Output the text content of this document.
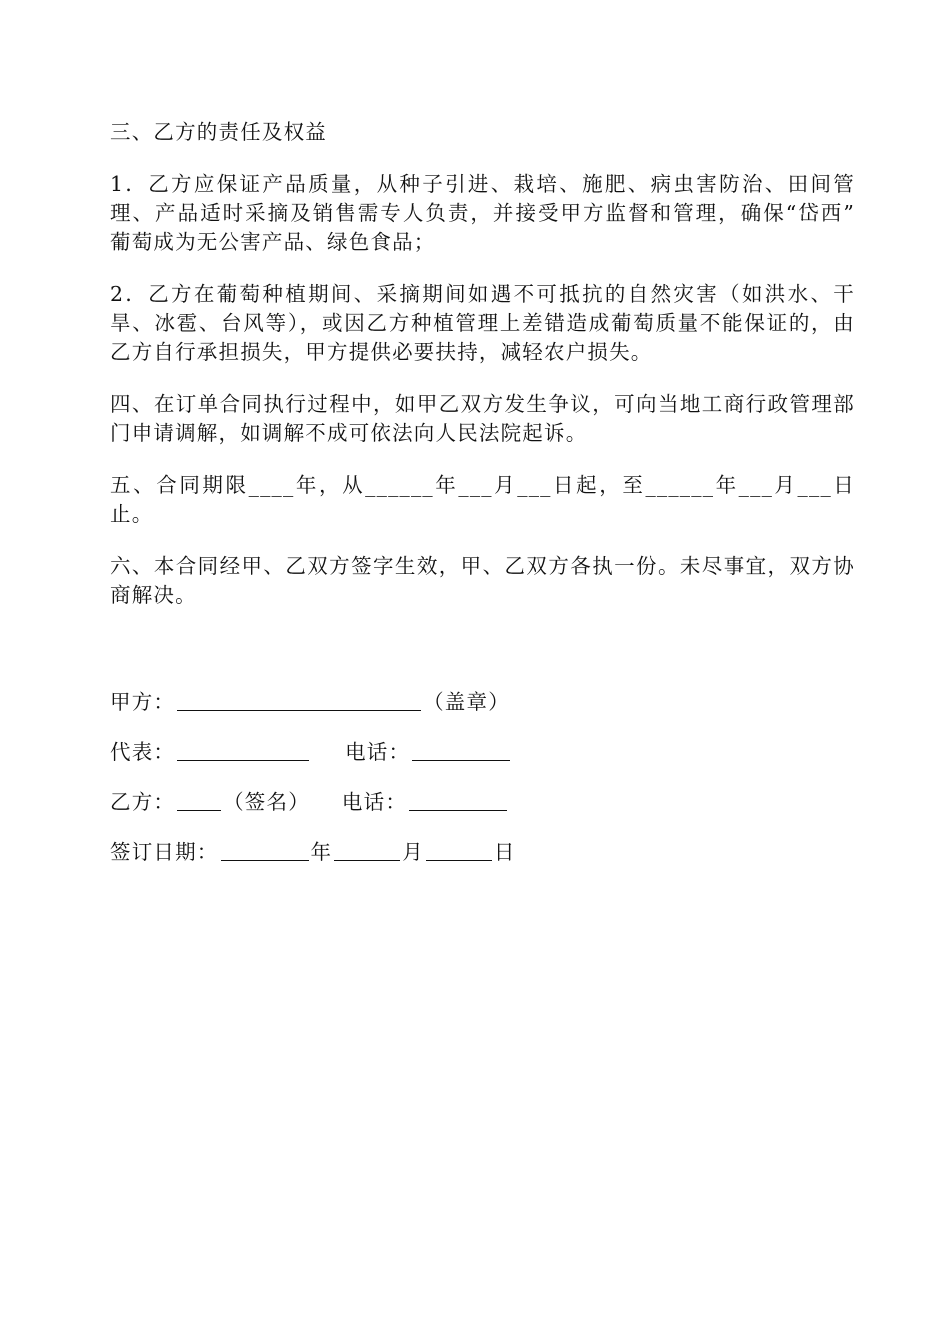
三、乙方的责任及权益

1．乙方应保证产品质量，从种子引进、栽培、施肥、病虫害防治、田间管理、产品适时采摘及销售需专人负责，并接受甲方监督和管理，确保“岱西” 葡萄成为无公害产品、绿色食品；

2．乙方在葡萄种植期间、采摘期间如遇不可抵抗的自然灾害（如洪水、干旱、冰雹、台风等），或因乙方种植管理上差错造成葡萄质量不能保证的，由乙方自行承担损失，甲方提供必要扶持，减轻农户损失。

四、在订单合同执行过程中，如甲乙双方发生争议，可向当地工商行政管理部门申请调解，如调解不成可依法向人民法院起诉。

五、合同期限____年，从______年___月___日起，至______年___月___日止。

六、本合同经甲、乙双方签字生效，甲、乙双方各执一份。未尽事宜，双方协商解决。

甲方：	（盖章）
代表：	电话：
乙方： （签名） 电话：
签订日期：	年	月	日
